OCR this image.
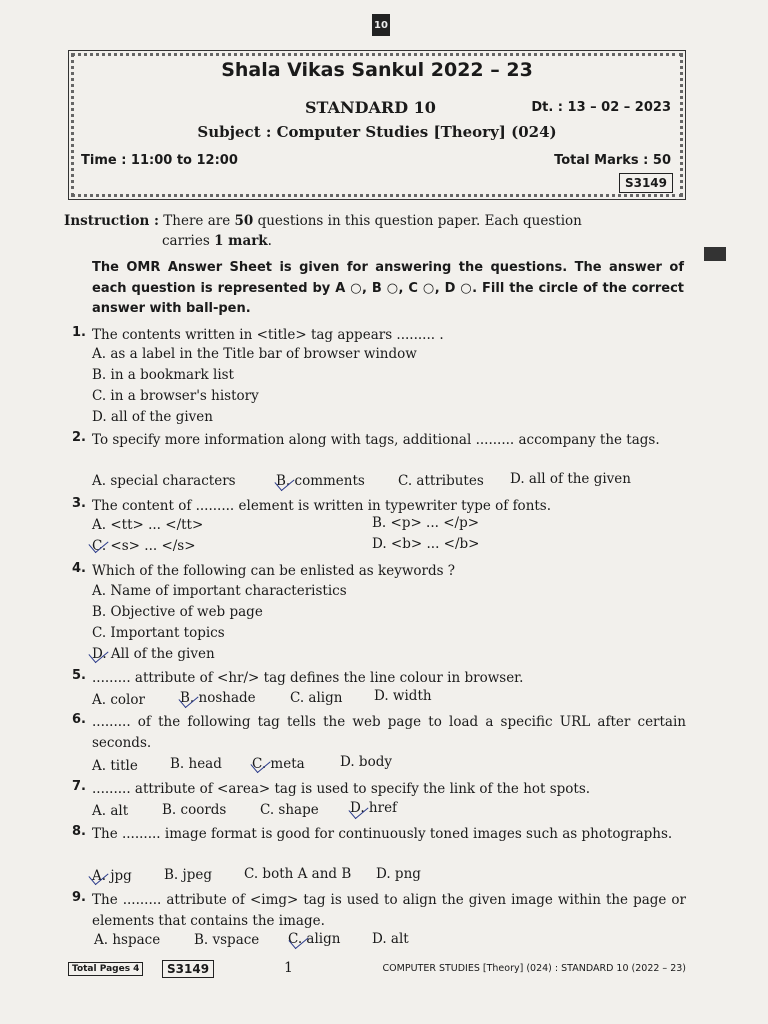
10
Shala Vikas Sankul 2022 – 23
STANDARD 10	Dt. : 13 – 02 – 2023
Subject : Computer Studies [Theory] (024)
Time : 11:00 to 12:00	Total Marks : 50
S3149
Instruction : There are 50 questions in this question paper. Each question
carries 1 mark.
The OMR Answer Sheet is given for answering the questions. The answer of each question is represented by A ○, B ○, C ○, D ○. Fill the circle of the correct answer with ball-pen.
1. The contents written in <title> tag appears ......... .
A. as a label in the Title bar of browser window
B. in a bookmark list
C. in a browser's history
D. all of the given
2. To specify more information along with tags, additional ......... accompany the tags.
A. special characters	B. comments C. attributes D. all of the given
3. The content of ......... element is written in typewriter type of fonts.
A. <tt> ... </tt>	B. <p> ... </p>
C. <s> ... </s>	D. <b> ... </b>
4. Which of the following can be enlisted as keywords ?
A. Name of important characteristics
B. Objective of web page
C. Important topics
D. All of the given
5. ......... attribute of <hr/> tag defines the line colour in browser.
A. color	B. noshade	C. align D. width
6. ......... of the following tag tells the web page to load a specific URL after certain seconds.
A. title B. head C. meta	D. body
7. ......... attribute of <area> tag is used to specify the link of the hot spots.
A. alt	B. coords C. shape D. href
8. The ......... image format is good for continuously toned images such as photographs.
A. jpg B. jpeg C. both A and B D. png
9. The ......... attribute of <img> tag is used to align the given image within the page or elements that contains the image.
A. hspace	B. vspace C. align D. alt
Total Pages 4	S3149	1	COMPUTER STUDIES [Theory] (024) : STANDARD 10 (2022 – 23)
